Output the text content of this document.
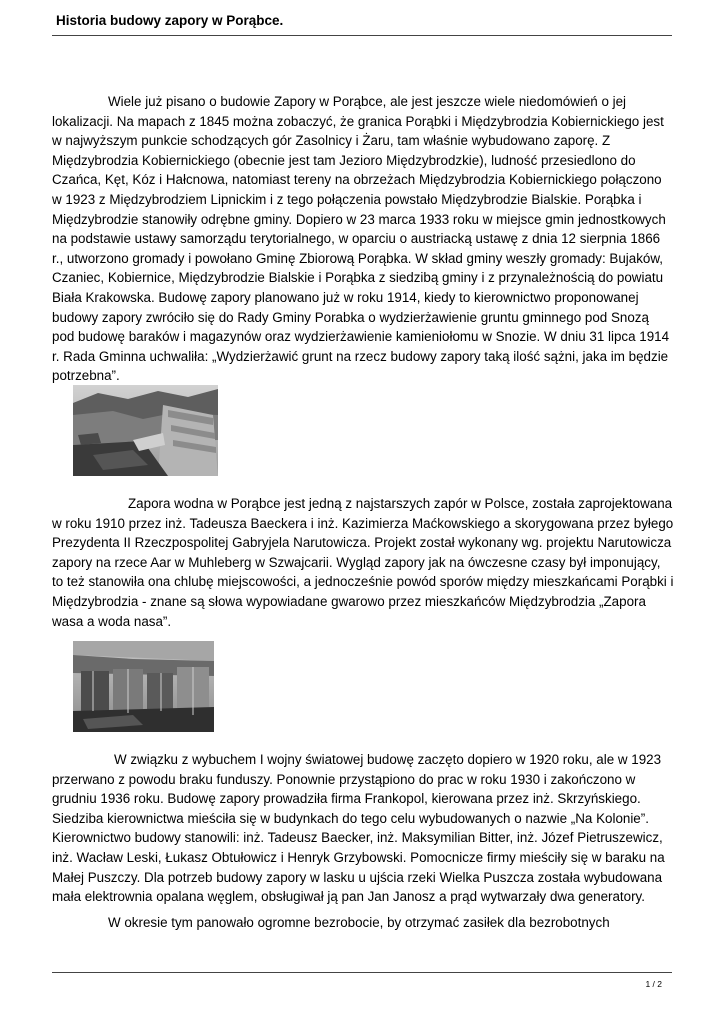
Historia budowy zapory w Porąbce.

Wiele już pisano o budowie Zapory w Porąbce, ale jest jeszcze wiele niedomówień o jej lokalizacji. Na mapach z 1845 można zobaczyć, że granica Porąbki i Międzybrodzia Kobiernickiego jest w najwyższym punkcie schodzących gór Zasolnicy i Żaru, tam właśnie wybudowano zaporę. Z Międzybrodzia Kobiernickiego (obecnie jest tam Jezioro Międzybrodzkie), ludność przesiedlono do Czańca, Kęt, Kóz i Hałcnowa, natomiast tereny na obrzeżach Międzybrodzia Kobiernickiego połączono w 1923 z Międzybrodziem Lipnickim i z tego połączenia powstało Międzybrodzie Bialskie. Porąbka i Międzybrodzie stanowiły odrębne gminy. Dopiero w 23 marca 1933 roku w miejsce gmin jednostkowych na podstawie ustawy samorządu terytorialnego, w oparciu o austriacką ustawę z dnia 12 sierpnia 1866 r., utworzono gromady i powołano Gminę Zbiorową Porąbka. W skład gminy weszły gromady: Bujaków, Czaniec, Kobiernice, Międzybrodzie Bialskie i Porąbka z siedzibą gminy i z przynależnością do powiatu Biała Krakowska. Budowę zapory planowano już w roku 1914, kiedy to kierownictwo proponowanej budowy zapory zwróciło się do Rady Gminy Porabka o wydzierżawienie gruntu gminnego pod Snozą pod budowę baraków i magazynów oraz wydzierżawienie kamieniołomu w Snozie. W dniu 31 lipca 1914 r. Rada Gminna uchwaliła: „Wydzierżawić grunt na rzecz budowy zapory taką ilość sążni, jaka im będzie potrzebna”.

Zapora wodna w Porąbce jest jedną z najstarszych zapór w Polsce, została zaprojektowana w roku 1910 przez inż. Tadeusza Baeckera i inż. Kazimierza Maćkowskiego a skorygowana przez byłego Prezydenta II Rzeczpospolitej Gabryjela Narutowicza. Projekt został wykonany wg. projektu Narutowicza zapory na rzece Aar w Muhleberg w Szwajcarii. Wygląd zapory jak na ówczesne czasy był imponujący, to też stanowiła ona chlubę miejscowości, a jednocześnie powód sporów między mieszkańcami Porąbki i Międzybrodzia - znane są słowa wypowiadane gwarowo przez mieszkańców Międzybrodzia „Zapora wasa a woda nasa”.

W związku z wybuchem I wojny światowej budowę zaczęto dopiero w 1920 roku, ale w 1923 przerwano z powodu braku funduszy. Ponownie przystąpiono do prac w roku 1930 i zakończono w grudniu 1936 roku. Budowę zapory prowadziła firma Frankopol, kierowana przez inż. Skrzyńskiego. Siedziba kierownictwa mieściła się w budynkach do tego celu wybudowanych o nazwie „Na Kolonie”. Kierownictwo budowy stanowili: inż. Tadeusz Baecker, inż. Maksymilian Bitter, inż. Józef Pietruszewicz, inż. Wacław Leski, Łukasz Obtułowicz i Henryk Grzybowski. Pomocnicze firmy mieściły się w baraku na Małej Puszczy. Dla potrzeb budowy zapory w lasku u ujścia rzeki Wielka Puszcza została wybudowana mała elektrownia opalana węglem, obsługiwał ją pan Jan Janosz a prąd wytwarzały dwa generatory.

W okresie tym panowało ogromne bezrobocie, by otrzymać zasiłek dla bezrobotnych

1 / 2
